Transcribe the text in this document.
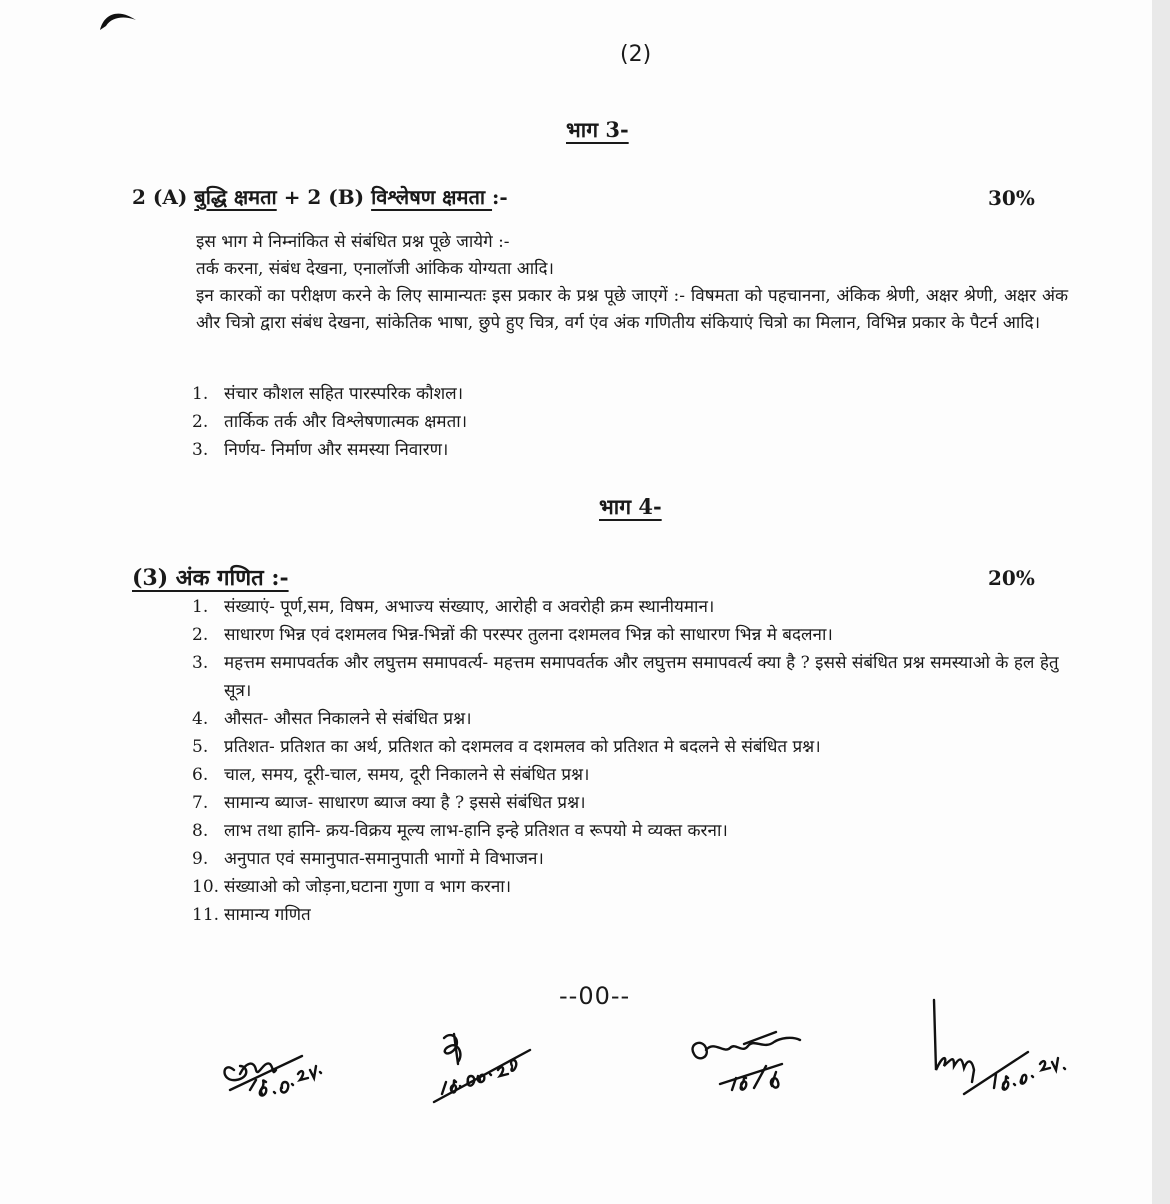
(2)
भाग 3-
2 (A) बुद्धि क्षमता + 2 (B) विश्लेषण क्षमता :-	30%

इस भाग मे निम्नांकित से संबंधित प्रश्न पूछे जायेगे :-

तर्क करना, संबंध देखना, एनालॉजी आंकिक योग्यता आदि।

इन कारकों का परीक्षण करने के लिए सामान्यतः इस प्रकार के प्रश्न पूछे जाएगें :- विषमता को पहचानना, अंकिक श्रेणी, अक्षर श्रेणी, अक्षर अंक और चित्रो द्वारा संबंध देखना, सांकेतिक भाषा, छुपे हुए चित्र, वर्ग एंव अंक गणितीय संकियाएं चित्रो का मिलान, विभिन्न प्रकार के पैटर्न आदि।

1. संचार कौशल सहित पारस्परिक कौशल।
2. तार्किक तर्क और विश्लेषणात्मक क्षमता।
3. निर्णय- निर्माण और समस्या निवारण।
भाग 4-
(3) अंक गणित :-	20%
1. संख्याएं- पूर्ण,सम, विषम, अभाज्य संख्याए, आरोही व अवरोही क्रम स्थानीयमान।
2. साधारण भिन्न एवं दशमलव भिन्न-भिन्नों की परस्पर तुलना दशमलव भिन्न को साधारण भिन्न मे बदलना।
3. महत्तम समापवर्तक और लघुत्तम समापवर्त्य- महत्तम समापवर्तक और लघुत्तम समापवर्त्य क्या है ? इससे संबंधित प्रश्न समस्याओ के हल हेतु सूत्र।
4. औसत- औसत निकालने से संबंधित प्रश्न।
5. प्रतिशत- प्रतिशत का अर्थ, प्रतिशत को दशमलव व दशमलव को प्रतिशत मे बदलने से संबंधित प्रश्न।
6. चाल, समय, दूरी-चाल, समय, दूरी निकालने से संबंधित प्रश्न।
7. सामान्य ब्याज- साधारण ब्याज क्या है ? इससे संबंधित प्रश्न।
8. लाभ तथा हानि- क्रय-विक्रय मूल्य लाभ-हानि इन्हे प्रतिशत व रूपयो मे व्यक्त करना।
9. अनुपात एवं समानुपात-समानुपाती भागों मे विभाजन।
10. संख्याओ को जोड़ना,घटाना गुणा व भाग करना।
11. सामान्य गणित
--00--
